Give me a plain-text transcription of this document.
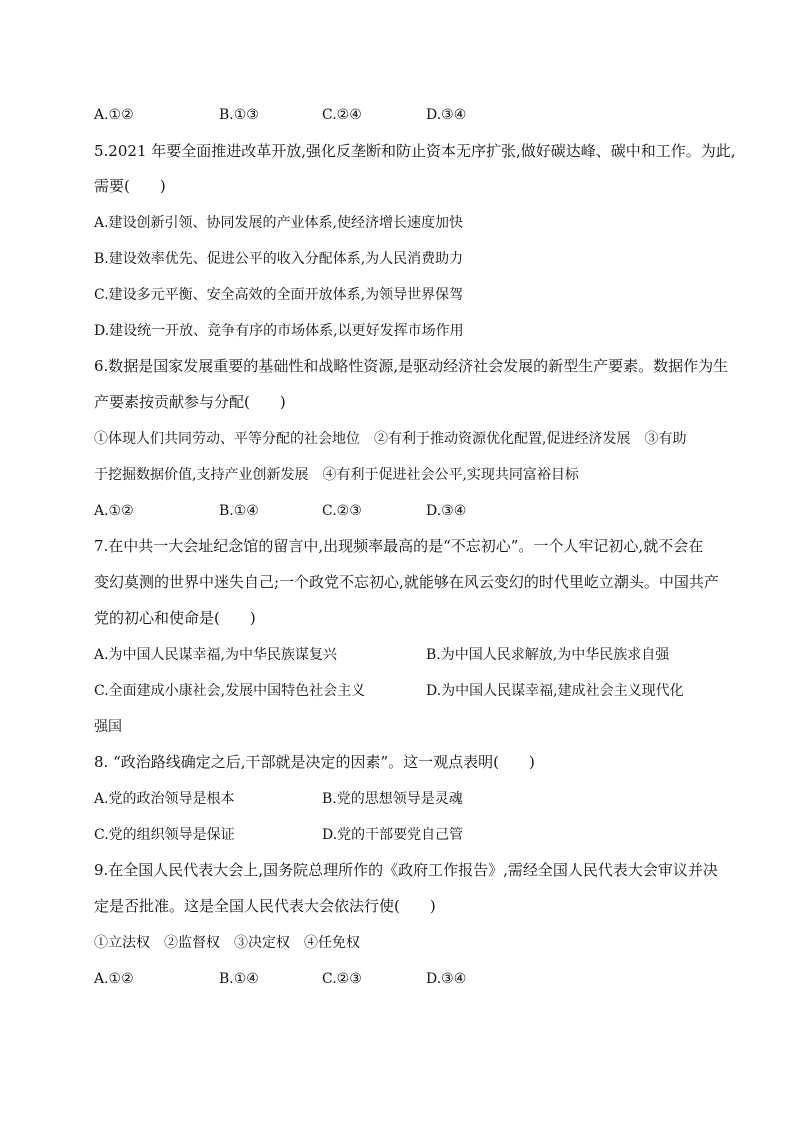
A.①②	B.①③	C.②④	D.③④
5.2021 年要全面推进改革开放,强化反垄断和防止资本无序扩张,做好碳达峰、碳中和工作。为此,
需要(　　)
A.建设创新引领、协同发展的产业体系,使经济增长速度加快
B.建设效率优先、促进公平的收入分配体系,为人民消费助力
C.建设多元平衡、安全高效的全面开放体系,为领导世界保驾
D.建设统一开放、竞争有序的市场体系,以更好发挥市场作用
6.数据是国家发展重要的基础性和战略性资源,是驱动经济社会发展的新型生产要素。数据作为生
产要素按贡献参与分配(　　)
①体现人们共同劳动、平等分配的社会地位　②有利于推动资源优化配置,促进经济发展　③有助
于挖掘数据价值,支持产业创新发展　④有利于促进社会公平,实现共同富裕目标
A.①②	B.①④	C.②③	D.③④
7.在中共一大会址纪念馆的留言中,出现频率最高的是“不忘初心”。一个人牢记初心,就不会在
变幻莫测的世界中迷失自己;一个政党不忘初心,就能够在风云变幻的时代里屹立潮头。中国共产
党的初心和使命是(　　)
A.为中国人民谋幸福,为中华民族谋复兴	B.为中国人民求解放,为中华民族求自强
C.全面建成小康社会,发展中国特色社会主义	D.为中国人民谋幸福,建成社会主义现代化
强国
8. “政治路线确定之后,干部就是决定的因素”。这一观点表明(　　)
A.党的政治领导是根本	B.党的思想领导是灵魂
C.党的组织领导是保证	D.党的干部要党自己管
9.在全国人民代表大会上,国务院总理所作的《政府工作报告》,需经全国人民代表大会审议并决
定是否批准。这是全国人民代表大会依法行使(　　)
①立法权　②监督权　③决定权　④任免权
A.①②	B.①④	C.②③	D.③④
